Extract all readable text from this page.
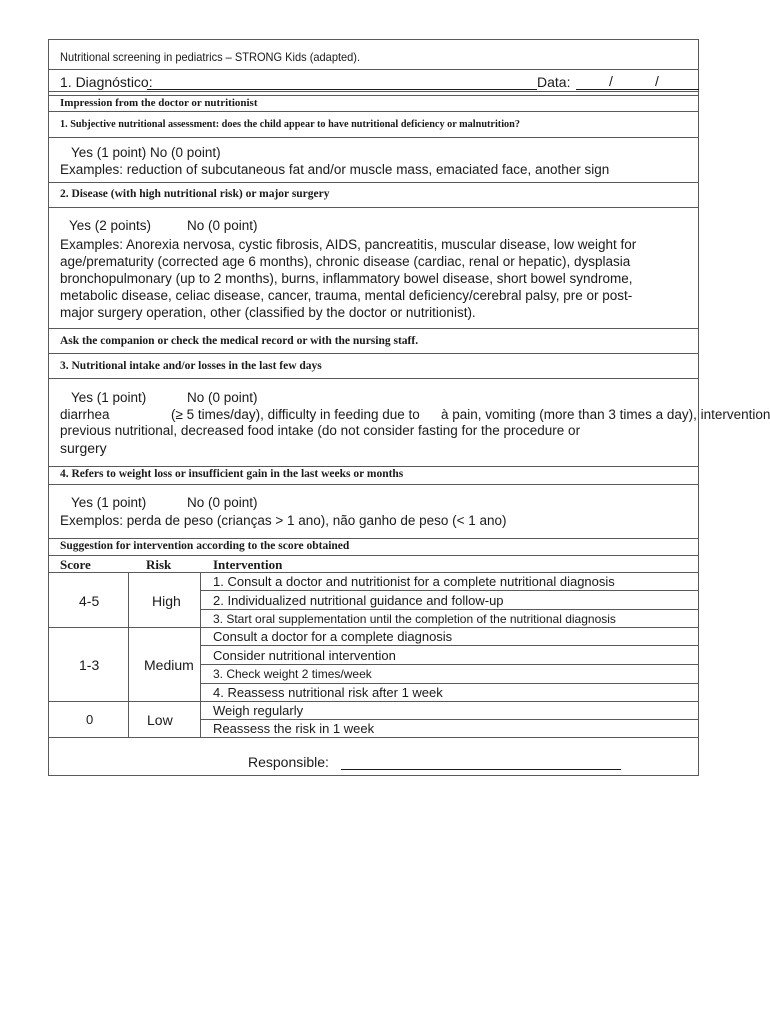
Nutritional screening in pediatrics – STRONG Kids (adapted).
1. Diagnóstico:	Data:	/	/
Impression from the doctor or nutritionist
1. Subjective nutritional assessment: does the child appear to have nutritional deficiency or malnutrition?
Yes (1 point) No (0 point)
Examples: reduction of subcutaneous fat and/or muscle mass, emaciated face, another sign
2. Disease (with high nutritional risk) or major surgery
Yes (2 points)	No (0 point)
Examples: Anorexia nervosa, cystic fibrosis, AIDS, pancreatitis, muscular disease, low weight for
age/prematurity (corrected age 6 months), chronic disease (cardiac, renal or hepatic), dysplasia
bronchopulmonary (up to 2 months), burns, inflammatory bowel disease, short bowel syndrome,
metabolic disease, celiac disease, cancer, trauma, mental deficiency/cerebral palsy, pre or post-
major surgery operation, other (classified by the doctor or nutritionist).
Ask the companion or check the medical record or with the nursing staff.
3. Nutritional intake and/or losses in the last few days
Yes (1 point)	No (0 point)
diarrhea	(≥ 5 times/day), difficulty in feeding due to à pain, vomiting (more than 3 times a day), intervention
previous nutritional, decreased food intake (do not consider fasting for the procedure or
surgery
4. Refers to weight loss or insufficient gain in the last weeks or months
Yes (1 point)	No (0 point)
Exemplos: perda de peso (crianças > 1 ano), não ganho de peso (< 1 ano)
Suggestion for intervention according to the score obtained
Score	Risk	Intervention
4-5	High
1. Consult a doctor and nutritionist for a complete nutritional diagnosis
2. Individualized nutritional guidance and follow-up
3. Start oral supplementation until the completion of the nutritional diagnosis
1-3	Medium
Consult a doctor for a complete diagnosis
Consider nutritional intervention
3. Check weight 2 times/week
4. Reassess nutritional risk after 1 week
0	Low
Weigh regularly
Reassess the risk in 1 week
Responsible:
